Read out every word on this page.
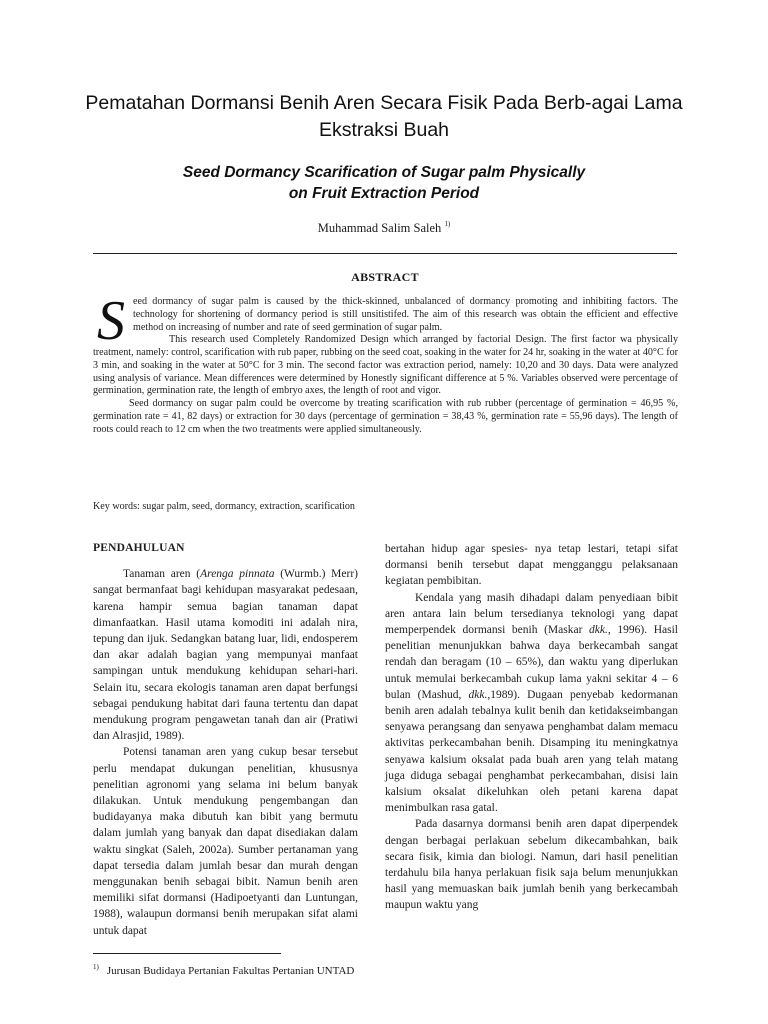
Pematahan Dormansi Benih Aren Secara Fisik Pada Berb-agai Lama Ekstraksi Buah
Seed Dormancy Scarification of Sugar palm Physically
on Fruit Extraction Period
Muhammad Salim Saleh $^{1)}$
ABSTRACT

Seed dormancy of sugar palm is caused by the thick-skinned, unbalanced of dormancy promoting and inhibiting factors. The technology for shortening of dormancy period is still unsitistifed. The aim of this research was obtain the efficient and effective method on increasing of number and rate of seed germination of sugar palm.

This research used Completely Randomized Design which arranged by factorial Design. The first factor wa physically treatment, namely: control, scarification with rub paper, rubbing on the seed coat, soaking in the water for 24 hr, soaking in the water at 40°C for 3 min, and soaking in the water at 50°C for 3 min. The second factor was extraction period, namely: 10,20 and 30 days. Data were analyzed using analysis of variance. Mean differences were determined by Honestly significant difference at 5 %. Variables observed were percentage of germination, germination rate, the length of embryo axes, the length of root and vigor.

Seed dormancy on sugar palm could be overcome by treating scarification with rub rubber (percentage of germination = 46,95 %, germination rate = 41, 82 days) or extraction for 30 days (percentage of germination = 38,43 %, germination rate = 55,96 days). The length of roots could reach to 12 cm when the two treatments were applied simultaneously.

Key words: sugar palm, seed, dormancy, extraction, scarification

PENDAHULUAN

Tanaman aren (Arenga pinnata (Wurmb.) Merr) sangat bermanfaat bagi kehidupan masyarakat pedesaan, karena hampir semua bagian tanaman dapat dimanfaatkan. Hasil utama komoditi ini adalah nira, tepung dan ijuk. Sedangkan batang luar, lidi, endosperem dan akar adalah bagian yang mempunyai manfaat sampingan untuk mendukung kehidupan sehari-hari. Selain itu, secara ekologis tanaman aren dapat berfungsi sebagai pendukung habitat dari fauna tertentu dan dapat mendukung program pengawetan tanah dan air (Pratiwi dan Alrasjid, 1989).

Potensi tanaman aren yang cukup besar tersebut perlu mendapat dukungan penelitian, khususnya penelitian agronomi yang selama ini belum banyak dilakukan. Untuk mendukung pengembangan dan budidayanya maka dibutuh kan bibit yang bermutu dalam jumlah yang banyak dan dapat disediakan dalam waktu singkat (Saleh, 2002a). Sumber pertanaman yang dapat tersedia dalam jumlah besar dan murah dengan menggunakan benih sebagai bibit. Namun benih aren memiliki sifat dormansi (Hadipoetyanti dan Luntungan, 1988), walaupun dormansi benih merupakan sifat alami untuk dapat

bertahan hidup agar spesies- nya tetap lestari, tetapi sifat dormansi benih tersebut dapat mengganggu pelaksanaan kegiatan pembibitan.

Kendala yang masih dihadapi dalam penyediaan bibit aren antara lain belum tersedianya teknologi yang dapat memperpendek dormansi benih (Maskar dkk., 1996). Hasil penelitian menunjukkan bahwa daya berkecambah sangat rendah dan beragam (10 – 65%), dan waktu yang diperlukan untuk memulai berkecambah cukup lama yakni sekitar 4 – 6 bulan (Mashud, dkk.,1989). Dugaan penyebab kedormanan benih aren adalah tebalnya kulit benih dan ketidakseimbangan senyawa perangsang dan senyawa penghambat dalam memacu aktivitas perkecambahan benih. Disamping itu meningkatnya senyawa kalsium oksalat pada buah aren yang telah matang juga diduga sebagai penghambat perkecambahan, disisi lain kalsium oksalat dikeluhkan oleh petani karena dapat menimbulkan rasa gatal.

Pada dasarnya dormansi benih aren dapat diperpendek dengan berbagai perlakuan sebelum dikecambahkan, baik secara fisik, kimia dan biologi. Namun, dari hasil penelitian terdahulu bila hanya perlakuan fisik saja belum menunjukkan hasil yang memuaskan baik jumlah benih yang berkecambah maupun waktu yang

$^{1)}$ Jurusan Budidaya Pertanian Fakultas Pertanian UNTAD
